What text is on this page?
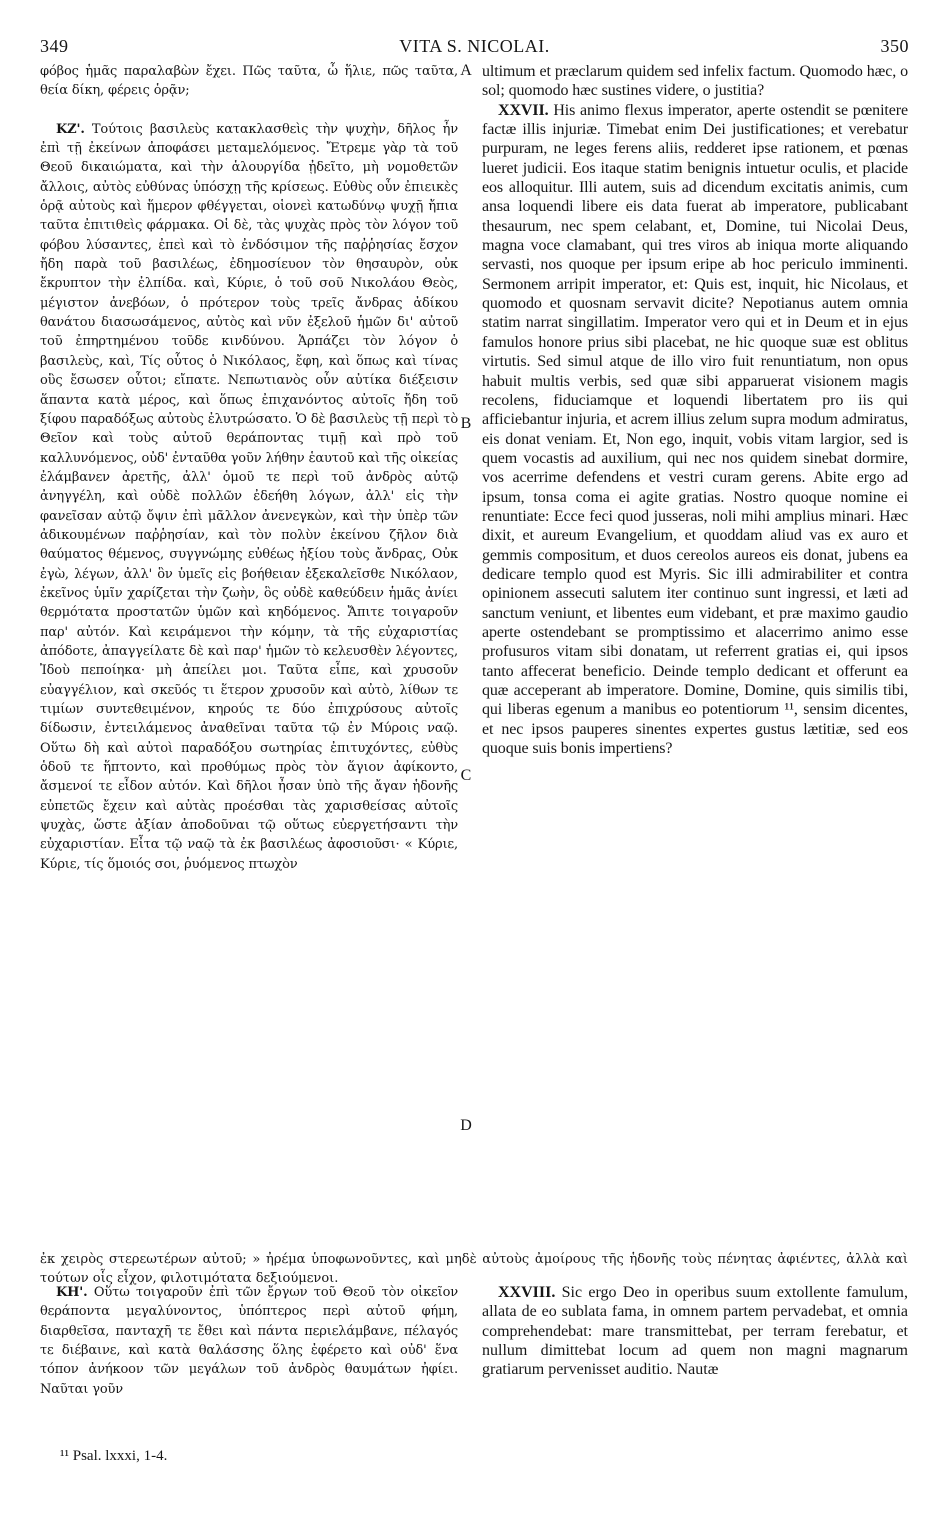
349	VITA S. NICOLAI.	350

φόβος ἡμᾶς παραλαβὼν ἔχει. Πῶς ταῦτα, ὦ ἥλιε, πῶς ταῦτα, θεία δίκη, φέρεις ὁρᾷν;

ΚΖ'. Τούτοις βασιλεὺς κατακλασθεὶς τὴν ψυχὴν, δῆλος ἦν ἐπὶ τῇ ἐκείνων ἀποφάσει μεταμελόμενος. Ἔτρεμε γὰρ τὰ τοῦ Θεοῦ δικαιώματα, καὶ τὴν ἁλουργίδα ᾐδεῖτο, μὴ νομοθετῶν ἄλλοις, αὐτὸς εὐθύνας ὑπόσχῃ τῆς κρίσεως. Εὐθὺς οὖν ἐπιεικὲς ὁρᾷ αὐτοὺς καὶ ἥμερον φθέγγεται, οἱονεὶ κατωδύνῳ ψυχῇ ἤπια ταῦτα ἐπιτιθεὶς φάρμακα. Οἱ δὲ, τὰς ψυχὰς πρὸς τὸν λόγον τοῦ φόβου λύσαντες, ἐπεὶ καὶ τὸ ἐνδόσιμον τῆς παῤῥησίας ἔσχον ἤδη παρὰ τοῦ βασιλέως, ἐδημοσίευον τὸν θησαυρὸν, οὐκ ἔκρυπτον τὴν ἐλπίδα. καὶ, Κύριε, ὁ τοῦ σοῦ Νικολάου Θεὸς, μέγιστον ἀνεβόων, ὁ πρότερον τοὺς τρεῖς ἄνδρας ἀδίκου θανάτου διασωσάμενος, αὐτὸς καὶ νῦν ἐξελοῦ ἡμῶν δι' αὐτοῦ τοῦ ἐπηρτημένου τοῦδε κινδύνου. Ἁρπάζει τὸν λόγον ὁ βασιλεὺς, καὶ, Τίς οὗτος ὁ Νικόλαος, ἔφη, καὶ ὅπως καὶ τίνας οὓς ἔσωσεν οὗτοι; εἴπατε. Νεπωτιανὸς οὖν αὐτίκα διέξεισιν ἅπαντα κατὰ μέρος, καὶ ὅπως ἐπιχανόντος αὐτοῖς ἤδη τοῦ ξίφου παραδόξως αὐτοὺς ἐλυτρώσατο. Ὁ δὲ βασιλεὺς τῇ περὶ τὸ Θεῖον καὶ τοὺς αὐτοῦ θεράποντας τιμῇ καὶ πρὸ τοῦ καλλυνόμενος, οὐδ' ἐνταῦθα γοῦν λήθην ἑαυτοῦ καὶ τῆς οἰκείας ἐλάμβανεν ἀρετῆς, ἀλλ' ὁμοῦ τε περὶ τοῦ ἀνδρὸς αὐτῷ ἀνηγγέλη, καὶ οὐδὲ πολλῶν ἐδεήθη λόγων, ἀλλ' εἰς τὴν φανεῖσαν αὐτῷ ὄψιν ἐπὶ μᾶλλον ἀνενεγκὼν, καὶ τὴν ὑπὲρ τῶν ἀδικουμένων παῤῥησίαν, καὶ τὸν πολὺν ἐκείνου ζῆλον διὰ θαύματος θέμενος, συγγνώμης εὐθέως ἠξίου τοὺς ἄνδρας, Οὐκ ἐγὼ, λέγων, ἀλλ' ὃν ὑμεῖς εἰς βοήθειαν ἐξεκαλεῖσθε Νικόλαον, ἐκεῖνος ὑμῖν χαρίζεται τὴν ζωὴν, ὃς οὐδὲ καθεύδειν ἡμᾶς ἀνίει θερμότατα προστατῶν ὑμῶν καὶ κηδόμενος. Ἄπιτε τοιγαροῦν παρ' αὐτόν. Καὶ κειράμενοι τὴν κόμην, τὰ τῆς εὐχαριστίας ἀπόδοτε, ἀπαγγείλατε δὲ καὶ παρ' ἡμῶν τὸ κελευσθὲν λέγοντες, Ἰδοὺ πεποίηκα· μὴ ἀπείλει μοι. Ταῦτα εἶπε, καὶ χρυσοῦν εὐαγγέλιον, καὶ σκεῦός τι ἕτερον χρυσοῦν καὶ αὐτὸ, λίθων τε τιμίων συντεθειμένον, κηρούς τε δύο ἐπιχρύσους αὐτοῖς δίδωσιν, ἐντειλάμενος ἀναθεῖναι ταῦτα τῷ ἐν Μύροις ναῷ. Οὕτω δὴ καὶ αὐτοὶ παραδόξου σωτηρίας ἐπιτυχόντες, εὐθὺς ὁδοῦ τε ἥπτοντο, καὶ προθύμως πρὸς τὸν ἅγιον ἀφίκοντο, ἄσμενοί τε εἶδον αὐτόν. Καὶ δῆλοι ἦσαν ὑπὸ τῆς ἄγαν ἡδονῆς εὐπετῶς ἔχειν καὶ αὐτὰς προέσθαι τὰς χαρισθείσας αὐτοῖς ψυχὰς, ὥστε ἀξίαν ἀποδοῦναι τῷ οὕτως εὐεργετήσαντι τὴν εὐχαριστίαν. Εἶτα τῷ ναῷ τὰ ἐκ βασιλέως ἀφοσιοῦσι· « Κύριε, Κύριε, τίς ὅμοιός σοι, ῥυόμενος πτωχὸν

ultimum et præclarum quidem sed infelix factum. Quomodo hæc, o sol; quomodo hæc sustines videre, o justitia?

XXVII. His animo flexus imperator, aperte ostendit se pœnitere factæ illis injuriæ. Timebat enim Dei justificationes; et verebatur purpuram, ne leges ferens aliis, redderet ipse rationem, et pœnas lueret judicii. Eos itaque statim benignis intuetur oculis, et placide eos alloquitur. Illi autem, suis ad dicendum excitatis animis, cum ansa loquendi libere eis data fuerat ab imperatore, publicabant thesaurum, nec spem celabant, et, Domine, tui Nicolai Deus, magna voce clamabant, qui tres viros ab iniqua morte aliquando servasti, nos quoque per ipsum eripe ab hoc periculo imminenti. Sermonem arripit imperator, et: Quis est, inquit, hic Nicolaus, et quomodo et quosnam servavit dicite? Nepotianus autem omnia statim narrat singillatim. Imperator vero qui et in Deum et in ejus famulos honore prius sibi placebat, ne hic quoque suæ est oblitus virtutis. Sed simul atque de illo viro fuit renuntiatum, non opus habuit multis verbis, sed quæ sibi apparuerat visionem magis recolens, fiduciamque et loquendi libertatem pro iis qui afficiebantur injuria, et acrem illius zelum supra modum admiratus, eis donat veniam. Et, Non ego, inquit, vobis vitam largior, sed is quem vocastis ad auxilium, qui nec nos quidem sinebat dormire, vos acerrime defendens et vestri curam gerens. Abite ergo ad ipsum, tonsa coma ei agite gratias. Nostro quoque nomine ei renuntiate: Ecce feci quod jusseras, noli mihi amplius minari. Hæc dixit, et aureum Evangelium, et quoddam aliud vas ex auro et gemmis compositum, et duos cereolos aureos eis donat, jubens ea dedicare templo quod est Myris. Sic illi admirabiliter et contra opinionem assecuti salutem iter continuo sunt ingressi, et læti ad sanctum veniunt, et libentes eum videbant, et præ maximo gaudio aperte ostendebant se promptissimo et alacerrimo animo esse profusuros vitam sibi donatam, ut referrent gratias ei, qui ipsos tanto affecerat beneficio. Deinde templo dedicant et offerunt ea quæ acceperant ab imperatore. Domine, Domine, quis similis tibi, qui liberas egenum a manibus eo potentiorum ¹¹, sensim dicentes, et nec ipsos pauperes sinentes expertes gustus lætitiæ, sed eos quoque suis bonis impertiens?

A
B
C
D

ἐκ χειρὸς στερεωτέρων αὐτοῦ; » ἠρέμα ὑποφωνοῦντες, καὶ μηδὲ αὐτοὺς ἀμοίρους τῆς ἡδονῆς τοὺς πένητας ἀφιέντες, ἀλλὰ καὶ τούτων οἷς εἶχον, φιλοτιμότατα δεξιούμενοι.

ΚΗ'. Οὕτω τοιγαροῦν ἐπὶ τῶν ἔργων τοῦ Θεοῦ τὸν οἰκεῖον θεράποντα μεγαλύνοντος, ὑπόπτερος περὶ αὐτοῦ φήμη, διαρθεῖσα, πανταχῆ τε ἔθει καὶ πάντα περιελάμβανε, πέλαγός τε διέβαινε, καὶ κατὰ θαλάσσης ὅλης ἐφέρετο καὶ οὐδ' ἕνα τόπον ἀνήκοον τῶν μεγάλων τοῦ ἀνδρὸς θαυμάτων ἠφίει. Ναῦται γοῦν

XXVIII. Sic ergo Deo in operibus suum extollente famulum, allata de eo sublata fama, in omnem partem pervadebat, et omnia comprehendebat: mare transmittebat, per terram ferebatur, et nullum dimittebat locum ad quem non magni magnarum gratiarum pervenisset auditio. Nautæ

¹¹ Psal. lxxxi, 1-4.
